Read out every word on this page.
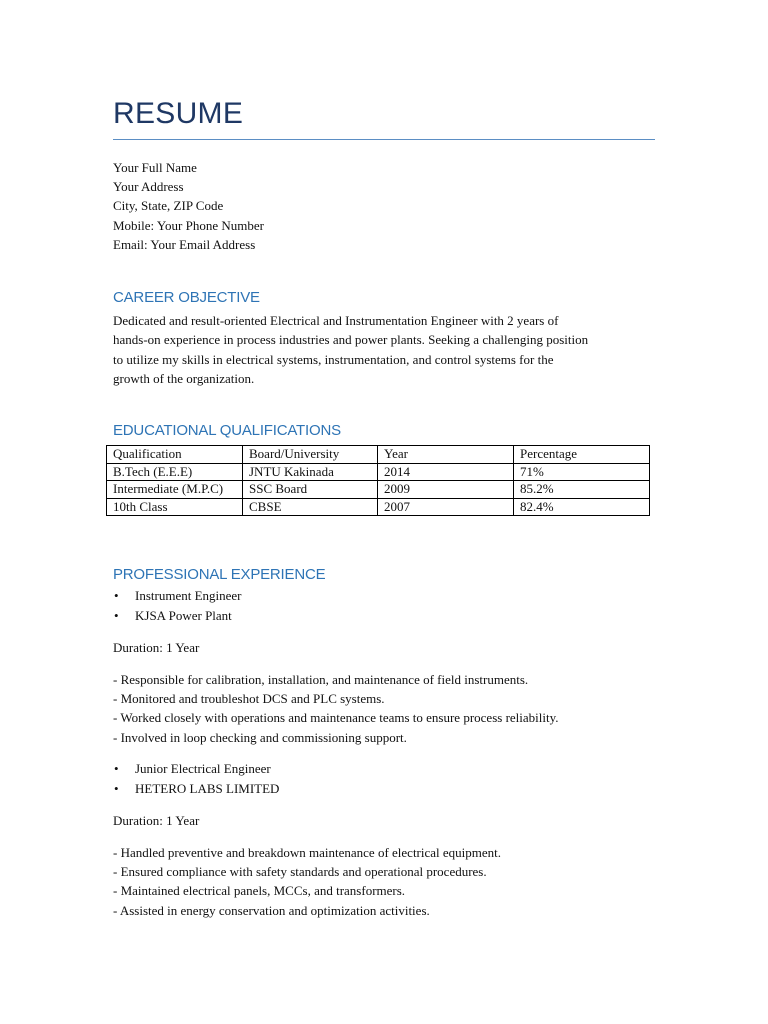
RESUME
Your Full Name
Your Address
City, State, ZIP Code
Mobile: Your Phone Number
Email: Your Email Address
CAREER OBJECTIVE
Dedicated and result-oriented Electrical and Instrumentation Engineer with 2 years of
hands-on experience in process industries and power plants. Seeking a challenging position
to utilize my skills in electrical systems, instrumentation, and control systems for the
growth of the organization.
EDUCATIONAL QUALIFICATIONS
Qualification	Board/University	Year	Percentage
B.Tech (E.E.E)	JNTU Kakinada	2014	71%
Intermediate (M.P.C)	SSC Board	2009	85.2%
10th Class	CBSE	2007	82.4%
PROFESSIONAL EXPERIENCE
• Instrument Engineer
• KJSA Power Plant
Duration: 1 Year
- Responsible for calibration, installation, and maintenance of field instruments.
- Monitored and troubleshot DCS and PLC systems.
- Worked closely with operations and maintenance teams to ensure process reliability.
- Involved in loop checking and commissioning support.
• Junior Electrical Engineer
• HETERO LABS LIMITED
Duration: 1 Year
- Handled preventive and breakdown maintenance of electrical equipment.
- Ensured compliance with safety standards and operational procedures.
- Maintained electrical panels, MCCs, and transformers.
- Assisted in energy conservation and optimization activities.
